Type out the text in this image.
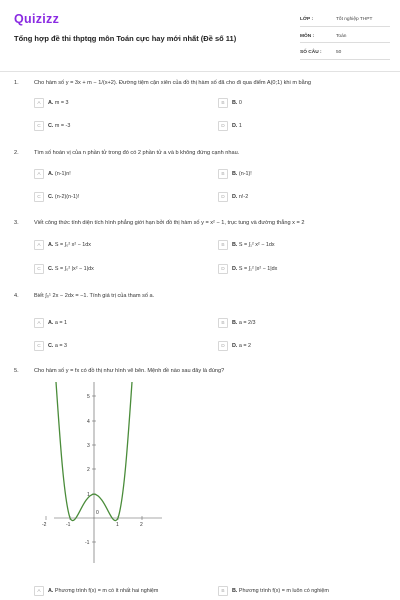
Quizizz
Tổng hợp đề thi thptqg môn Toán cực hay mới nhất (Đề số 11)
LỚP :	Tốt nghiệp THPT
MÔN :	Toán
SỐ CÂU :	50
1.	Cho hàm số y = 3x + m − 1/(x+2). Đường tiệm cận xiên của đồ thị hàm số đã cho đi qua điểm A(0;1) khi m bằng
A	A. m = 3	B	B. 0
C	C. m = -3	D	D. 1
2.	Tìm số hoán vị của n phần tử trong đó có 2 phần tử a và b không đứng cạnh nhau.
A	A. (n-1)n!	B	B. (n-1)!
C	C. (n-2)(n-1)!	D	D. n!-2
3.	Viết công thức tính diện tích hình phẳng giới hạn bởi đồ thị hàm số y = x² − 1, trục tung và đường thẳng x = 2
A	A. S = ∫₀² x² − 1dx	B	B. S = ∫₁² x² − 1dx
C	C. S = ∫₀² |x² − 1|dx	D	D. S = ∫₁² |x² − 1|dx
4.	Biết ∫₀¹ 2x − 2dx = −1. Tính giá trị của tham số a.
A	A. a = 1	B	B. a = 2/3
C	C. a = 3	D	D. a = 2
5.	Cho hàm số y = fx có đồ thị như hình vẽ bên. Mệnh đề nào sau đây là đúng?
5
4
3
2
1
-1
-2	-1
0
1	2
A	A. Phương trình f(x) = m có ít nhất hai nghiệm	B	B. Phương trình f(x) = m luôn có nghiệm
